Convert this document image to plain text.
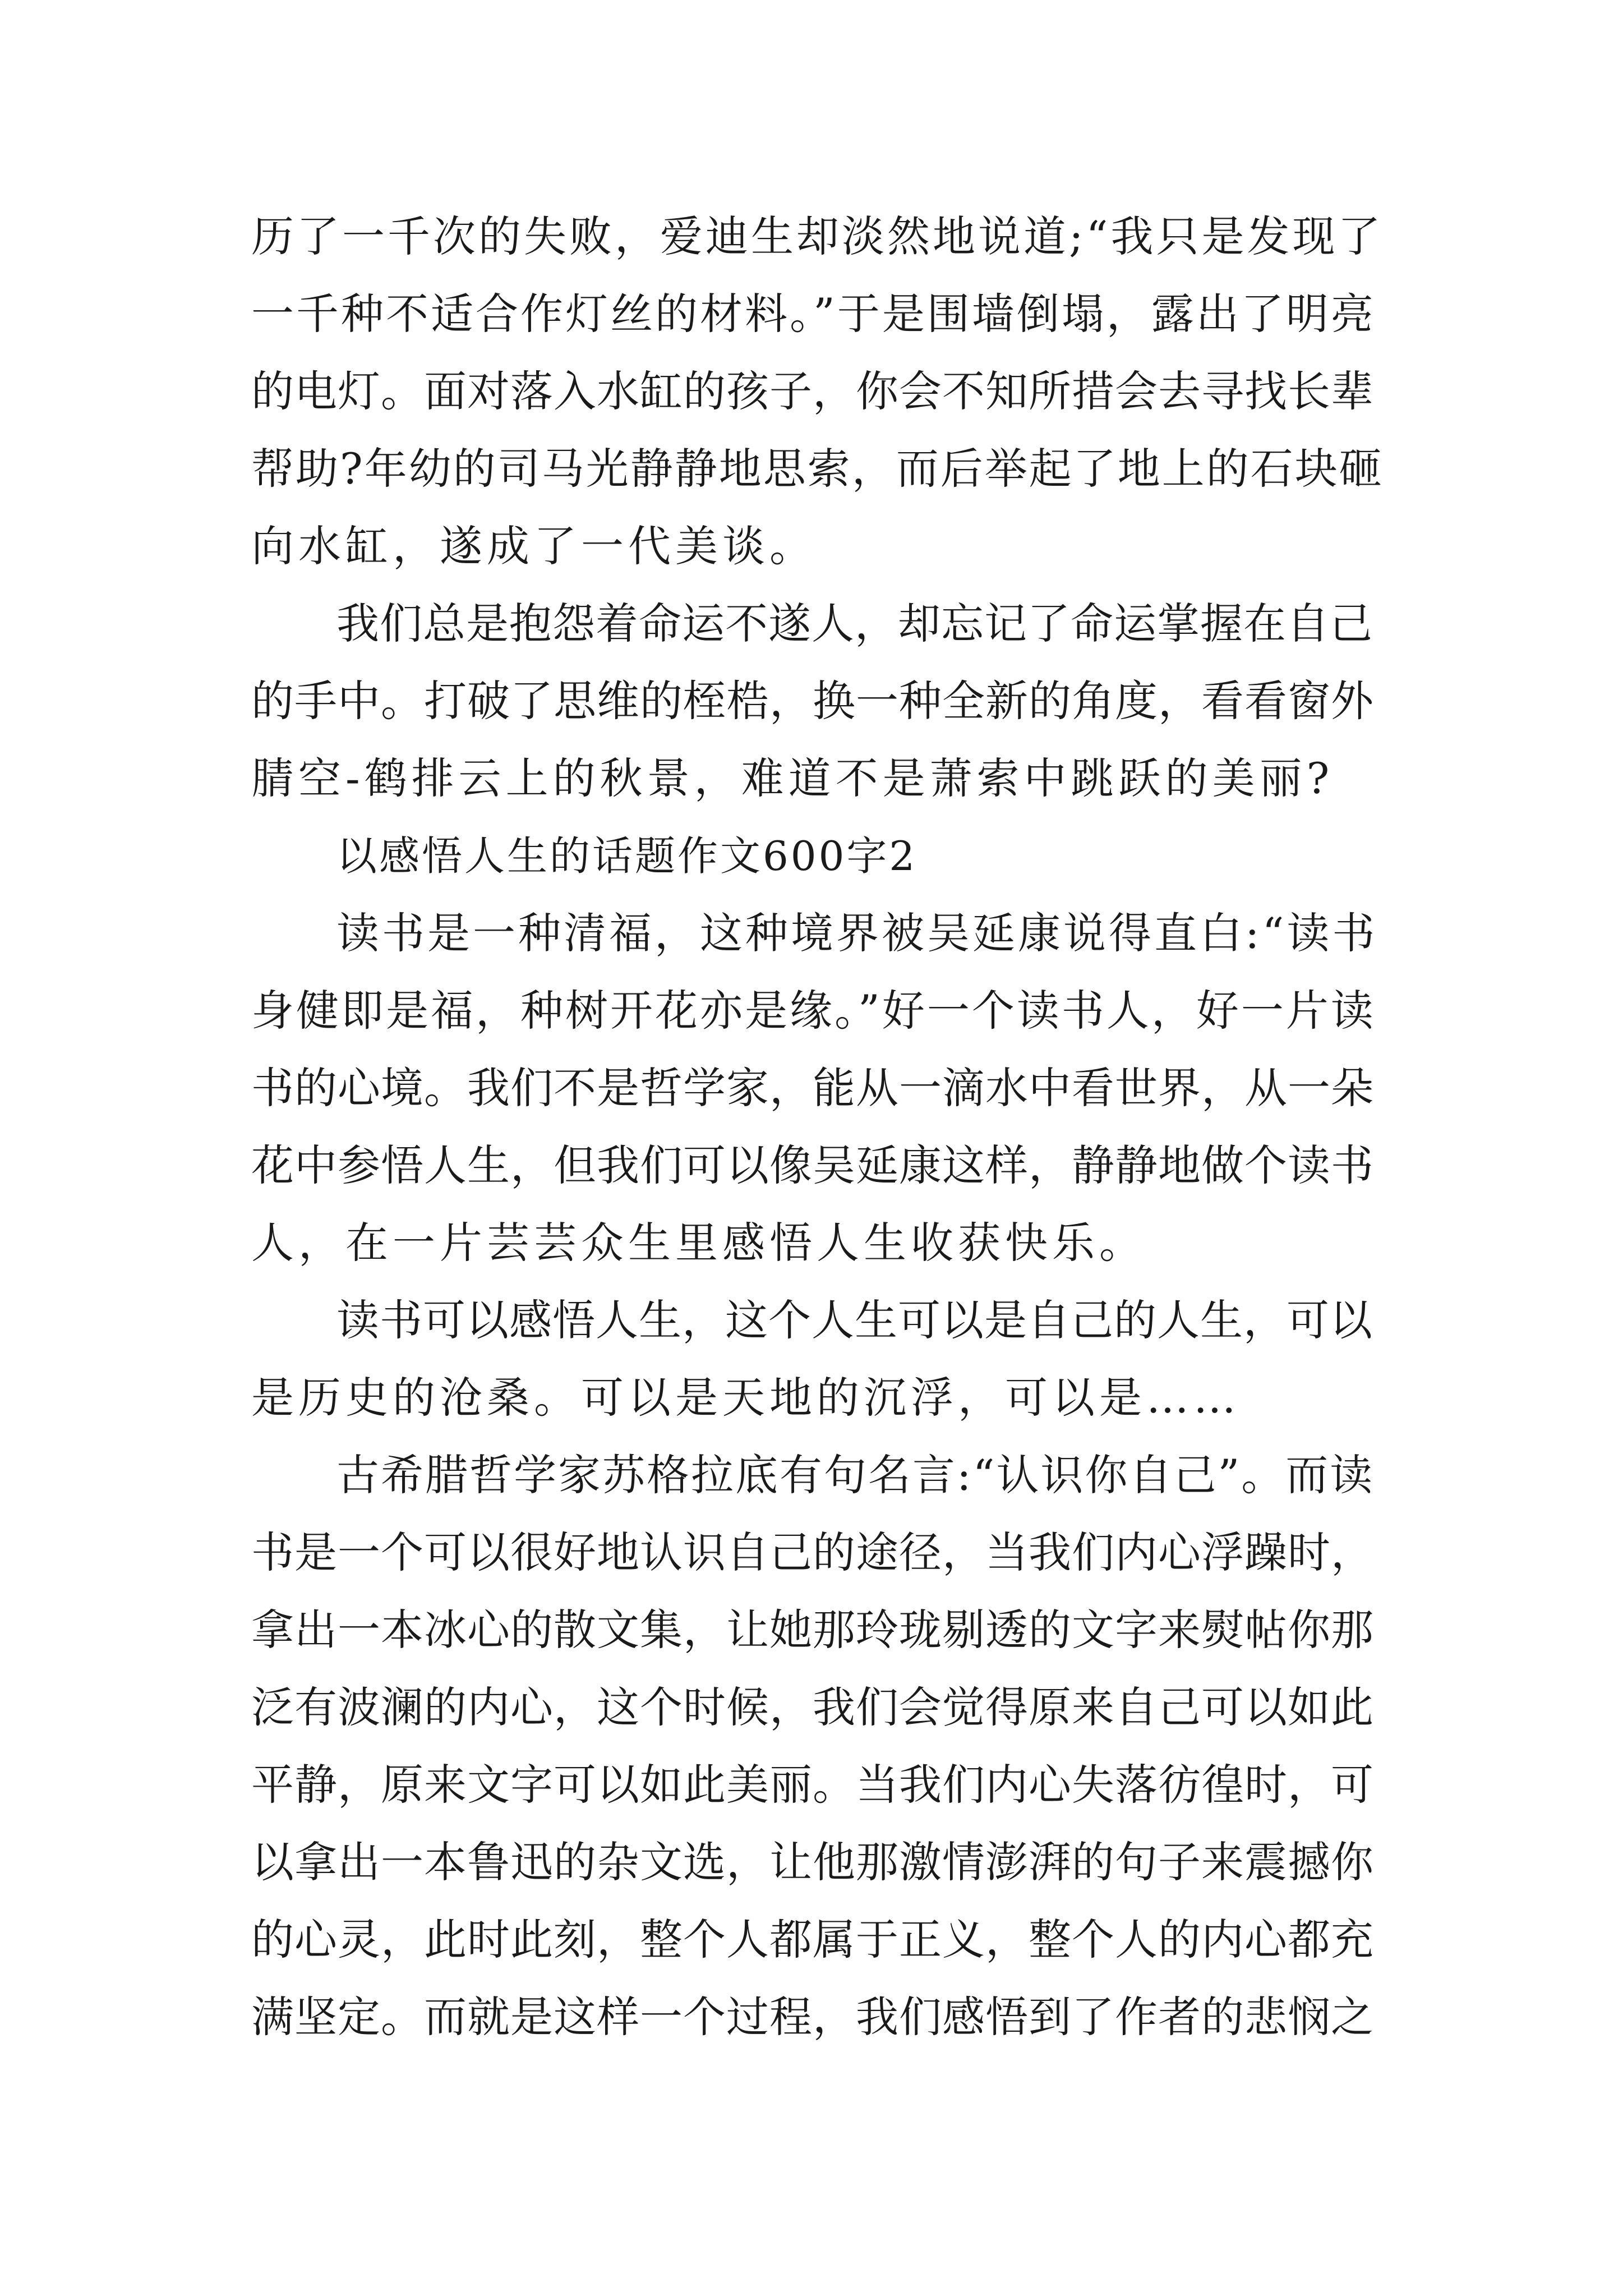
历了一千次的失败，爱迪生却淡然地说道;“我只是发现了
一千种不适合作灯丝的材料。”于是围墙倒塌，露出了明亮
的电灯。面对落入水缸的孩子，你会不知所措会去寻找长辈
帮助?年幼的司马光静静地思索，而后举起了地上的石块砸
向水缸，遂成了一代美谈。
我们总是抱怨着命运不遂人，却忘记了命运掌握在自己
的手中。打破了思维的桎梏，换一种全新的角度，看看窗外
腈空-鹤排云上的秋景，难道不是萧索中跳跃的美丽?
以感悟人生的话题作文600字2
读书是一种清福，这种境界被吴延康说得直白:“读书
身健即是福，种树开花亦是缘。”好一个读书人，好一片读
书的心境。我们不是哲学家，能从一滴水中看世界，从一朵
花中参悟人生，但我们可以像吴延康这样，静静地做个读书
人，在一片芸芸众生里感悟人生收获快乐。
读书可以感悟人生，这个人生可以是自己的人生，可以
是历史的沧桑。可以是天地的沉浮，可以是……
古希腊哲学家苏格拉底有句名言:“认识你自己”。而读
书是一个可以很好地认识自己的途径，当我们内心浮躁时，
拿出一本冰心的散文集，让她那玲珑剔透的文字来熨帖你那
泛有波澜的内心，这个时候，我们会觉得原来自己可以如此
平静，原来文字可以如此美丽。当我们内心失落彷徨时，可
以拿出一本鲁迅的杂文选，让他那激情澎湃的句子来震撼你
的心灵，此时此刻，整个人都属于正义，整个人的内心都充
满坚定。而就是这样一个过程，我们感悟到了作者的悲悯之
